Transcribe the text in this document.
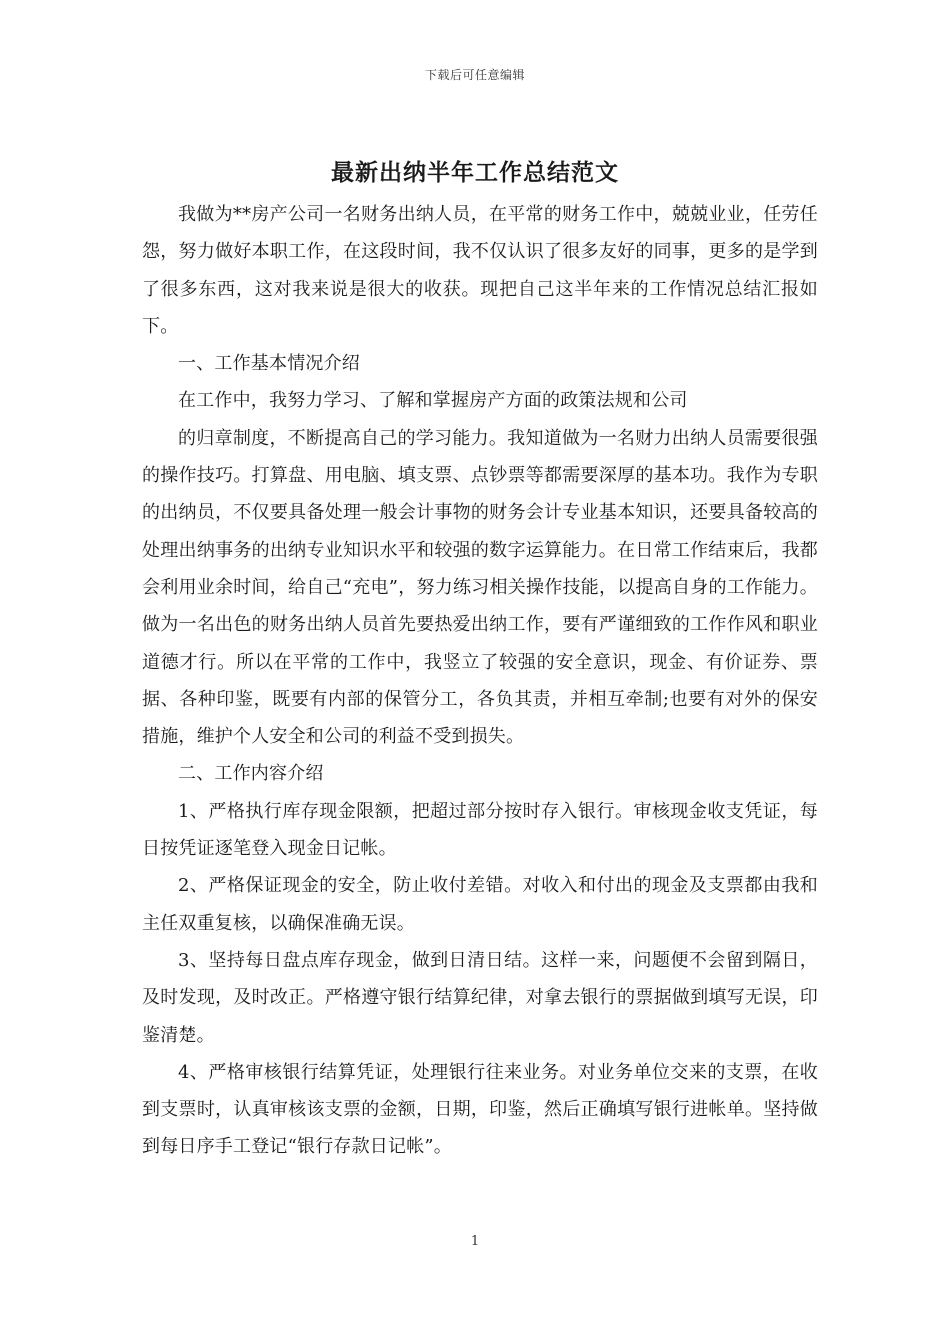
下载后可任意编辑
最新出纳半年工作总结范文

我做为**房产公司一名财务出纳人员，在平常的财务工作中，兢兢业业，任劳任怨，努力做好本职工作，在这段时间，我不仅认识了很多友好的同事，更多的是学到了很多东西，这对我来说是很大的收获。现把自己这半年来的工作情况总结汇报如下。

一、工作基本情况介绍

在工作中，我努力学习、了解和掌握房产方面的政策法规和公司

的归章制度，不断提高自己的学习能力。我知道做为一名财力出纳人员需要很强的操作技巧。打算盘、用电脑、填支票、点钞票等都需要深厚的基本功。我作为专职的出纳员，不仅要具备处理一般会计事物的财务会计专业基本知识，还要具备较高的处理出纳事务的出纳专业知识水平和较强的数字运算能力。在日常工作结束后，我都会利用业余时间，给自己“充电”，努力练习相关操作技能，以提高自身的工作能力。做为一名出色的财务出纳人员首先要热爱出纳工作，要有严谨细致的工作作风和职业道德才行。所以在平常的工作中，我竖立了较强的安全意识，现金、有价证券、票据、各种印鉴，既要有内部的保管分工，各负其责，并相互牵制;也要有对外的保安措施，维护个人安全和公司的利益不受到损失。

二、工作内容介绍

1、严格执行库存现金限额，把超过部分按时存入银行。审核现金收支凭证，每日按凭证逐笔登入现金日记帐。

2、严格保证现金的安全，防止收付差错。对收入和付出的现金及支票都由我和主任双重复核，以确保准确无误。

3、坚持每日盘点库存现金，做到日清日结。这样一来，问题便不会留到隔日，及时发现，及时改正。严格遵守银行结算纪律，对拿去银行的票据做到填写无误，印鉴清楚。

4、严格审核银行结算凭证，处理银行往来业务。对业务单位交来的支票，在收到支票时，认真审核该支票的金额，日期，印鉴，然后正确填写银行进帐单。坚持做到每日序手工登记“银行存款日记帐”。

1
